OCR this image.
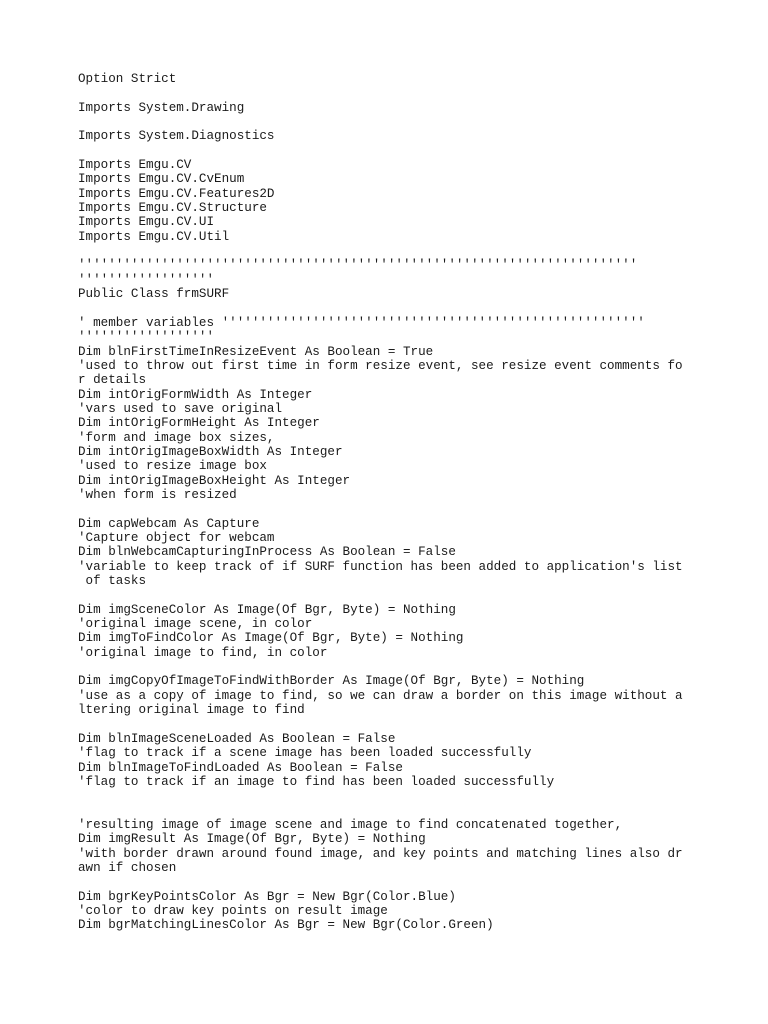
Option Strict
Imports System.Drawing
Imports System.Diagnostics
Imports Emgu.CV
Imports Emgu.CV.CvEnum
Imports Emgu.CV.Features2D
Imports Emgu.CV.Structure
Imports Emgu.CV.UI
Imports Emgu.CV.Util
''''''''''''''''''''''''''''''''''''''''''''''''''''''''''''''''''''''''''
''''''''''''''''''
Public Class frmSURF
' member variables ''''''''''''''''''''''''''''''''''''''''''''''''''''''''
''''''''''''''''''
Dim blnFirstTimeInResizeEvent As Boolean = True
'used to throw out first time in form resize event, see resize event comments fo
r details
Dim intOrigFormWidth As Integer
'vars used to save original
Dim intOrigFormHeight As Integer
'form and image box sizes,
Dim intOrigImageBoxWidth As Integer
'used to resize image box
Dim intOrigImageBoxHeight As Integer
'when form is resized
Dim capWebcam As Capture
'Capture object for webcam
Dim blnWebcamCapturingInProcess As Boolean = False
'variable to keep track of if SURF function has been added to application's list
of tasks
Dim imgSceneColor As Image(Of Bgr, Byte) = Nothing
'original image scene, in color
Dim imgToFindColor As Image(Of Bgr, Byte) = Nothing
'original image to find, in color
Dim imgCopyOfImageToFindWithBorder As Image(Of Bgr, Byte) = Nothing
'use as a copy of image to find, so we can draw a border on this image without a
ltering original image to find
Dim blnImageSceneLoaded As Boolean = False
'flag to track if a scene image has been loaded successfully
Dim blnImageToFindLoaded As Boolean = False
'flag to track if an image to find has been loaded successfully
'resulting image of image scene and image to find concatenated together,
Dim imgResult As Image(Of Bgr, Byte) = Nothing
'with border drawn around found image, and key points and matching lines also dr
awn if chosen
Dim bgrKeyPointsColor As Bgr = New Bgr(Color.Blue)
'color to draw key points on result image
Dim bgrMatchingLinesColor As Bgr = New Bgr(Color.Green)
